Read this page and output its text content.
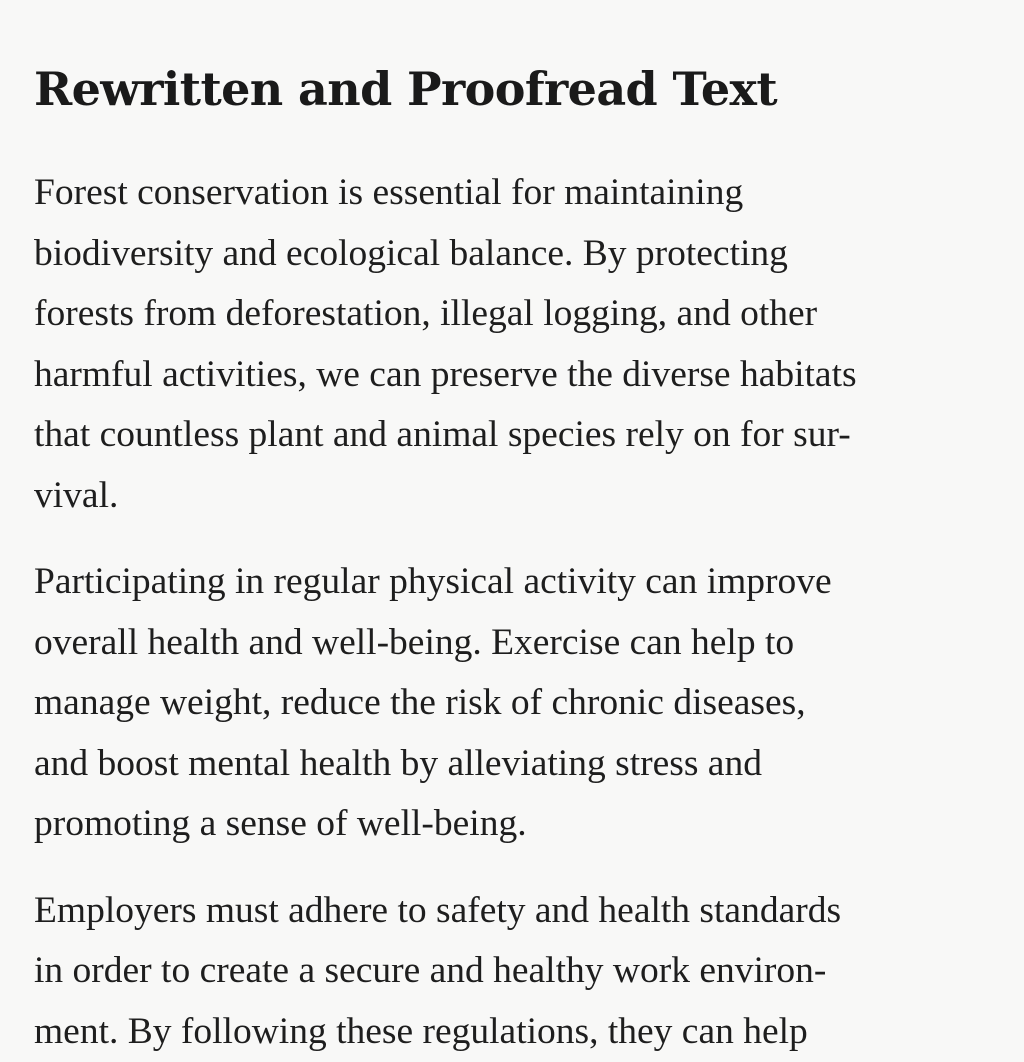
Rewritten and Proofread Text

Forest conservation is essential for maintaining
biodiversity and ecological balance. By protecting
forests from deforestation, illegal logging, and other
harmful activities, we can preserve the diverse habitats
that countless plant and animal species rely on for sur-
vival.

Participating in regular physical activity can improve
overall health and well-being. Exercise can help to
manage weight, reduce the risk of chronic diseases,
and boost mental health by alleviating stress and
promoting a sense of well-being.

Employers must adhere to safety and health standards
in order to create a secure and healthy work environ-
ment. By following these regulations, they can help
